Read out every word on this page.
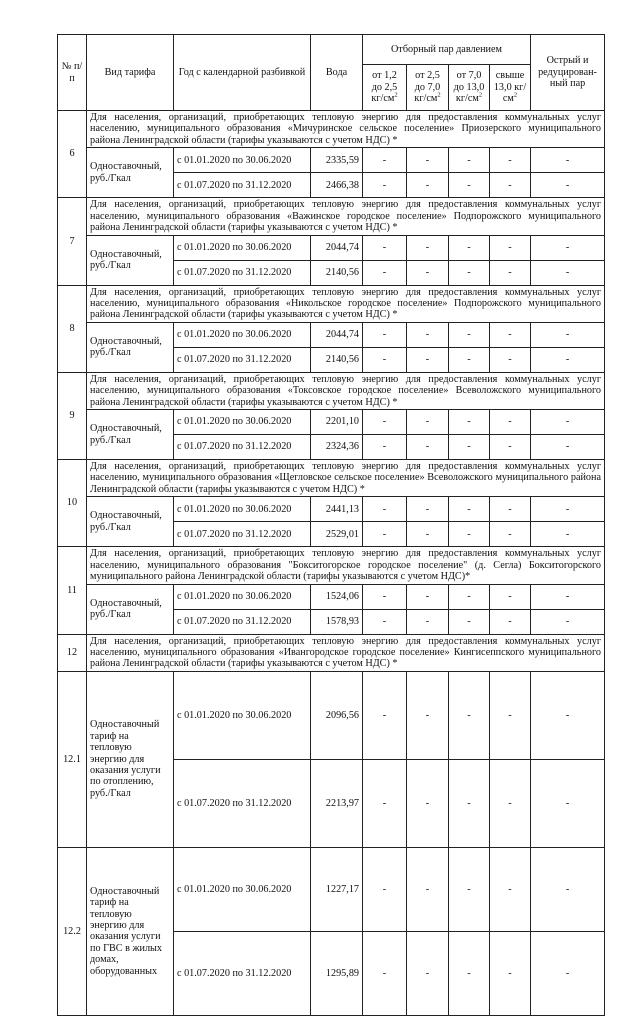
№ п/п	Вид тарифа	Год с календарной разбивкой	Вода	Отборный пар давлением				Острый и редуцирован-ный пар
				от 1,2 до 2,5 $кг/см^2$	от 2,5 до 7,0 $кг/см^2$	от 7,0 до 13,0 $кг/см^2$	свыше 13,0 $кг/см^2$
6	Для населения, организаций, приобретающих тепловую энергию для предоставления коммунальных услуг населению, муниципального образования «Мичуринское сельское поселение» Приозерского муниципального района Ленинградской области (тарифы указываются с учетом НДС) *							
	Одноставочный, руб./Гкал	с 01.01.2020 по 30.06.2020	2335,59	-	-	-	-	-
		с 01.07.2020 по 31.12.2020	2466,38	-	-	-	-	-
7	Для населения, организаций, приобретающих тепловую энергию для предоставления коммунальных услуг населению, муниципального образования «Важинское городское поселение» Подпорожского муниципального района Ленинградской области (тарифы указываются с учетом НДС) *							
	Одноставочный, руб./Гкал	с 01.01.2020 по 30.06.2020	2044,74	-	-	-	-	-
		с 01.07.2020 по 31.12.2020	2140,56	-	-	-	-	-
8	Для населения, организаций, приобретающих тепловую энергию для предоставления коммунальных услуг населению, муниципального образования «Никольское городское поселение» Подпорожского муниципального района Ленинградской области (тарифы указываются с учетом НДС) *							
	Одноставочный, руб./Гкал	с 01.01.2020 по 30.06.2020	2044,74	-	-	-	-	-
		с 01.07.2020 по 31.12.2020	2140,56	-	-	-	-	-
9	Для населения, организаций, приобретающих тепловую энергию для предоставления коммунальных услуг населению, муниципального образования «Токсовское городское поселение» Всеволожского муниципального района Ленинградской области (тарифы указываются с учетом НДС) *							
	Одноставочный, руб./Гкал	с 01.01.2020 по 30.06.2020	2201,10	-	-	-	-	-
		с 01.07.2020 по 31.12.2020	2324,36	-	-	-	-	-
10	Для населения, организаций, приобретающих тепловую энергию для предоставления коммунальных услуг населению, муниципального образования «Щегловское сельское поселение» Всеволожского муниципального района Ленинградской области (тарифы указываются с учетом НДС) *							
	Одноставочный, руб./Гкал	с 01.01.2020 по 30.06.2020	2441,13	-	-	-	-	-
		с 01.07.2020 по 31.12.2020	2529,01	-	-	-	-	-
11	Для населения, организаций, приобретающих тепловую энергию для предоставления коммунальных услуг населению, муниципального образования "Бокситогорское городское поселение" (д. Сегла) Бокситогорского муниципального района Ленинградской области (тарифы указываются с учетом НДС)*							
	Одноставочный, руб./Гкал	с 01.01.2020 по 30.06.2020	1524,06	-	-	-	-	-
		с 01.07.2020 по 31.12.2020	1578,93	-	-	-	-	-
12	Для населения, организаций, приобретающих тепловую энергию для предоставления коммунальных услуг населению, муниципального образования «Ивангородское городское поселение» Кингисеппского муниципального района Ленинградской области (тарифы указываются с учетом НДС) *							
12.1	Одноставочный тариф на тепловую энергию для оказания услуги по отоплению, руб./Гкал	с 01.01.2020 по 30.06.2020	2096,56	-	-	-	-	-
		с 01.07.2020 по 31.12.2020	2213,97	-	-	-	-	-
12.2	Одноставочный тариф на тепловую энергию для оказания услуги по ГВС в жилых домах, оборудованных	с 01.01.2020 по 30.06.2020	1227,17	-	-	-	-	-
		с 01.07.2020 по 31.12.2020	1295,89	-	-	-	-	-
